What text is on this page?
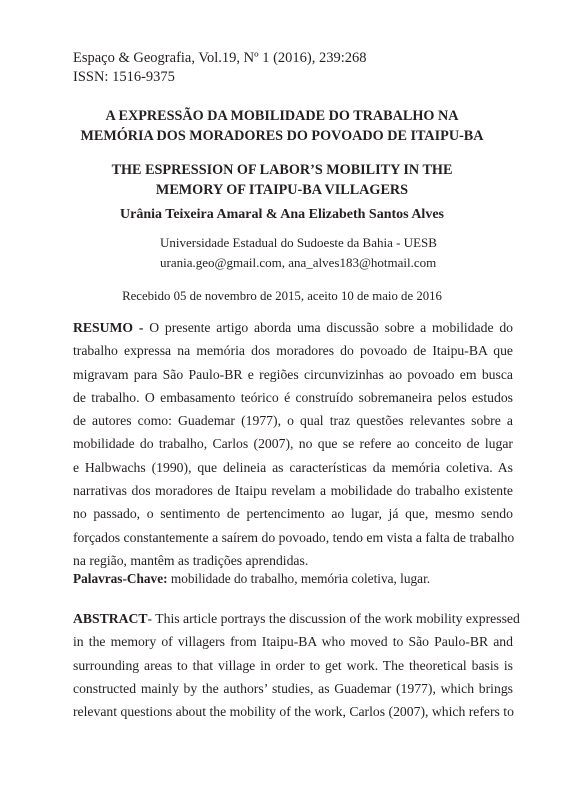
Espaço & Geografia, Vol.19, Nº 1 (2016), 239:268
ISSN: 1516-9375
A EXPRESSÃO DA MOBILIDADE DO TRABALHO NA
MEMÓRIA DOS MORADORES DO POVOADO DE ITAIPU-BA
THE ESPRESSION OF LABOR’S MOBILITY IN THE
MEMORY OF ITAIPU-BA VILLAGERS
Urânia Teixeira Amaral & Ana Elizabeth Santos Alves
Universidade Estadual do Sudoeste da Bahia - UESB
urania.geo@gmail.com, ana_alves183@hotmail.com
Recebido 05 de novembro de 2015, aceito 10 de maio de 2016
RESUMO - O presente artigo aborda uma discussão sobre a mobilidade do
trabalho expressa na memória dos moradores do povoado de Itaipu-BA que
migravam para São Paulo-BR e regiões circunvizinhas ao povoado em busca
de trabalho. O embasamento teórico é construído sobremaneira pelos estudos
de autores como: Guademar (1977), o qual traz questões relevantes sobre a
mobilidade do trabalho, Carlos (2007), no que se refere ao conceito de lugar
e Halbwachs (1990), que delineia as características da memória coletiva. As
narrativas dos moradores de Itaipu revelam a mobilidade do trabalho existente
no passado, o sentimento de pertencimento ao lugar, já que, mesmo sendo
forçados constantemente a saírem do povoado, tendo em vista a falta de trabalho
na região, mantêm as tradições aprendidas.
Palavras-Chave: mobilidade do trabalho, memória coletiva, lugar.
ABSTRACT- This article portrays the discussion of the work mobility expressed
in the memory of villagers from Itaipu-BA who moved to São Paulo-BR and
surrounding areas to that village in order to get work. The theoretical basis is
constructed mainly by the authors’ studies, as Guademar (1977), which brings
relevant questions about the mobility of the work, Carlos (2007), which refers to
